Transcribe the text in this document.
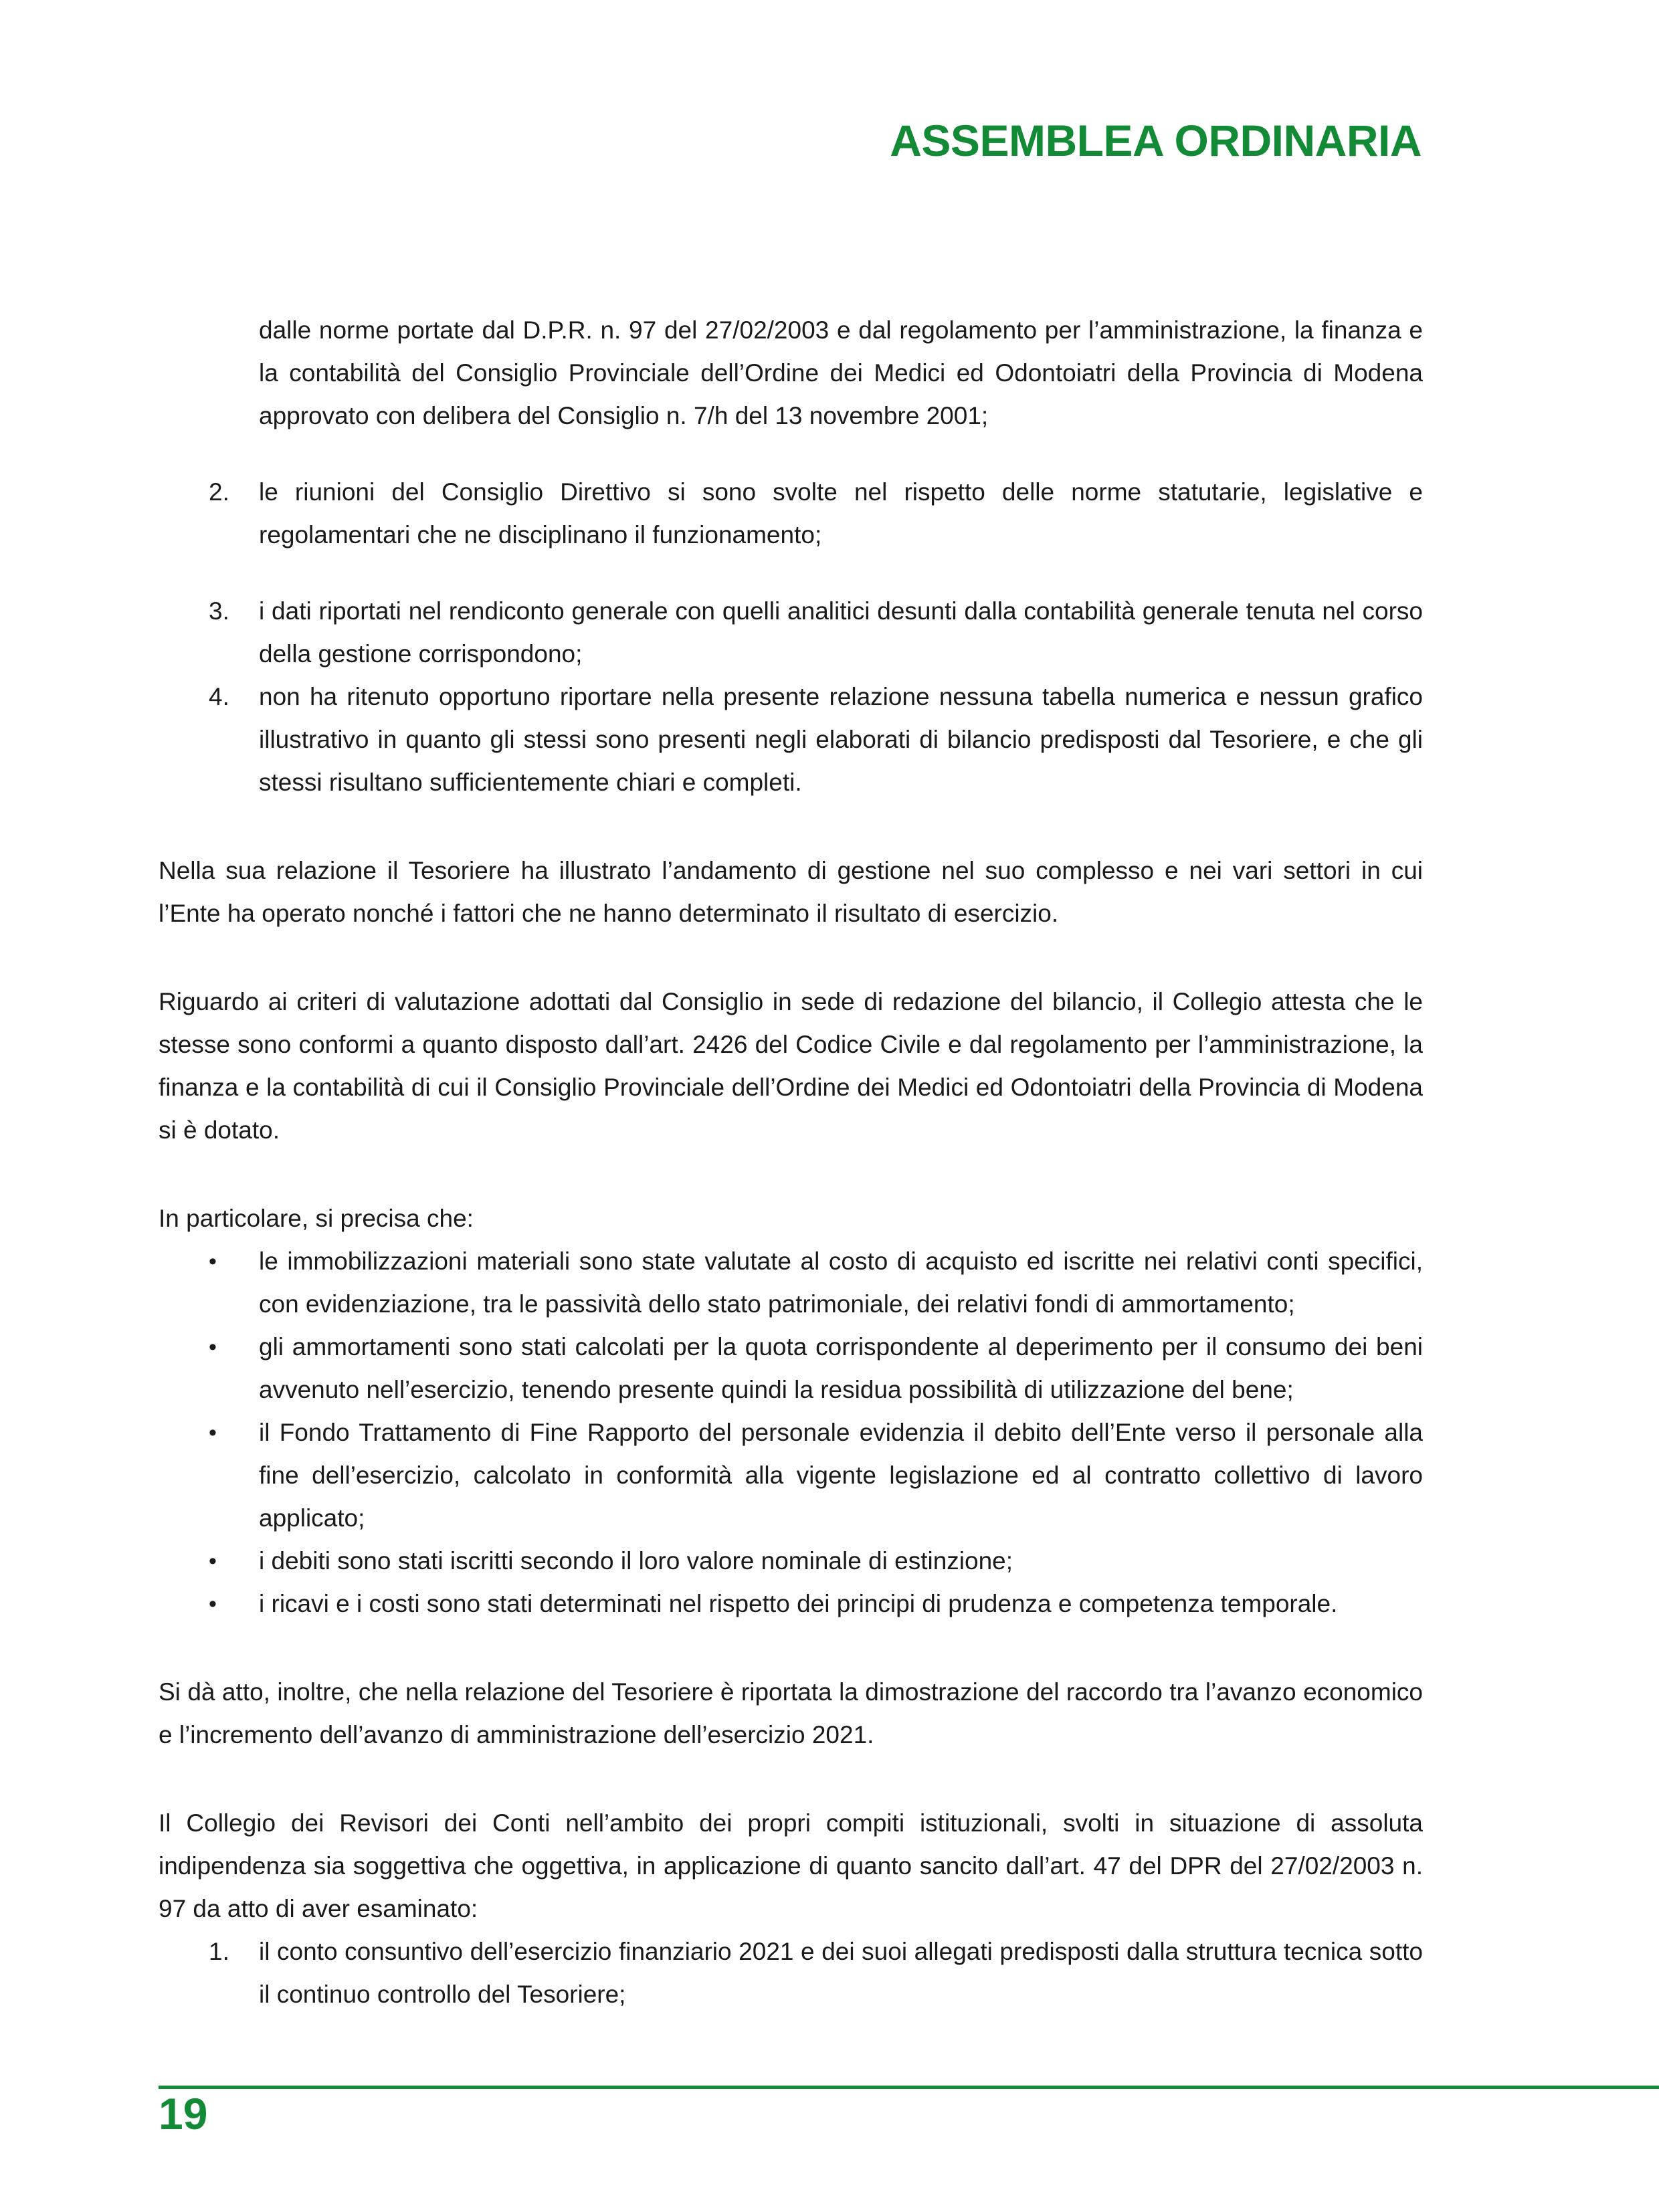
ASSEMBLEA ORDINARIA

dalle norme portate dal D.P.R. n. 97 del 27/02/2003 e dal regolamento per l’amministrazione, la finanza e la contabilità del Consiglio Provinciale dell’Ordine dei Medici ed Odontoiatri della Provincia di Modena approvato con delibera del Consiglio n. 7/h del 13 novembre 2001;

2. le riunioni del Consiglio Direttivo si sono svolte nel rispetto delle norme statutarie, legislative e regolamentari che ne disciplinano il funzionamento;
3. i dati riportati nel rendiconto generale con quelli analitici desunti dalla contabilità generale tenuta nel corso della gestione corrispondono;
4. non ha ritenuto opportuno riportare nella presente relazione nessuna tabella numerica e nessun grafico illustrativo in quanto gli stessi sono presenti negli elaborati di bilancio predisposti dal Tesoriere, e che gli stessi risultano sufficientemente chiari e completi.

Nella sua relazione il Tesoriere ha illustrato l’andamento di gestione nel suo complesso e nei vari settori in cui l’Ente ha operato nonché i fattori che ne hanno determinato il risultato di esercizio.

Riguardo ai criteri di valutazione adottati dal Consiglio in sede di redazione del bilancio, il Collegio attesta che le stesse sono conformi a quanto disposto dall’art. 2426 del Codice Civile e dal regolamento per l’amministrazione, la finanza e la contabilità di cui il Consiglio Provinciale dell’Ordine dei Medici ed Odontoiatri della Provincia di Modena si è dotato.

In particolare, si precisa che:

• le immobilizzazioni materiali sono state valutate al costo di acquisto ed iscritte nei relativi conti specifici, con evidenziazione, tra le passività dello stato patrimoniale, dei relativi fondi di ammortamento;
• gli ammortamenti sono stati calcolati per la quota corrispondente al deperimento per il consumo dei beni avvenuto nell’esercizio, tenendo presente quindi la residua possibilità di utilizzazione del bene;
• il Fondo Trattamento di Fine Rapporto del personale evidenzia il debito dell’Ente verso il personale alla fine dell’esercizio, calcolato in conformità alla vigente legislazione ed al contratto collettivo di lavoro applicato;
• i debiti sono stati iscritti secondo il loro valore nominale di estinzione;
• i ricavi e i costi sono stati determinati nel rispetto dei principi di prudenza e competenza temporale.

Si dà atto, inoltre, che nella relazione del Tesoriere è riportata la dimostrazione del raccordo tra l’avanzo economico e l’incremento dell’avanzo di amministrazione dell’esercizio 2021.

Il Collegio dei Revisori dei Conti nell’ambito dei propri compiti istituzionali, svolti in situazione di assoluta indipendenza sia soggettiva che oggettiva, in applicazione di quanto sancito dall’art. 47 del DPR del 27/02/2003 n. 97 da atto di aver esaminato:

1. il conto consuntivo dell’esercizio finanziario 2021 e dei suoi allegati predisposti dalla struttura tecnica sotto il continuo controllo del Tesoriere;
19
